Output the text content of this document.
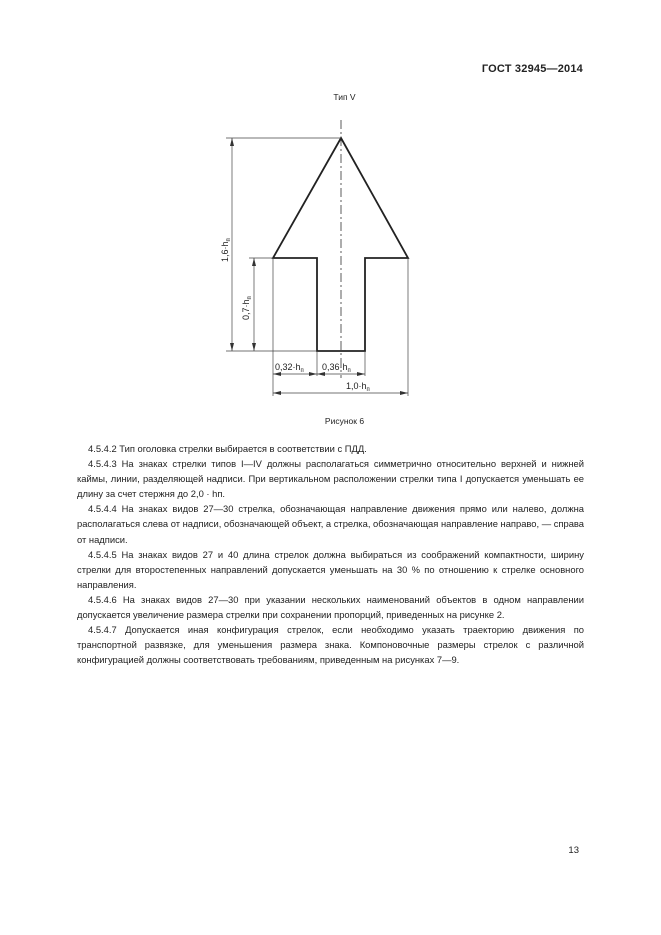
ГОСТ 32945—2014
Тип V
$1,6\cdot h_п$
$0,7\cdot h_п$
$0,32\cdot h_п$ $0,36\cdot h_п$
$1,0\cdot h_п$
Рисунок 6

4.5.4.2 Тип оголовка стрелки выбирается в соответствии с ПДД.

4.5.4.3 На знаках стрелки типов I—IV должны располагаться симметрично относительно верхней и нижней каймы, линии, разделяющей надписи. При вертикальном расположении стрелки типа I допускается уменьшать ее длину за счет стержня до 2,0 · hп.

4.5.4.4 На знаках видов 27—30 стрелка, обозначающая направление движения прямо или налево, должна располагаться слева от надписи, обозначающей объект, а стрелка, обозначающая направление направо, — справа от надписи.

4.5.4.5 На знаках видов 27 и 40 длина стрелок должна выбираться из соображений компактности, ширину стрелки для второстепенных направлений допускается уменьшать на 30 % по отношению к стрелке основного направления.

4.5.4.6 На знаках видов 27—30 при указании нескольких наименований объектов в одном направлении допускается увеличение размера стрелки при сохранении пропорций, приведенных на рисунке 2.

4.5.4.7 Допускается иная конфигурация стрелок, если необходимо указать траекторию движения по транспортной развязке, для уменьшения размера знака. Компоновочные размеры стрелок с различной конфигурацией должны соответствовать требованиям, приведенным на рисунках 7—9.

13
